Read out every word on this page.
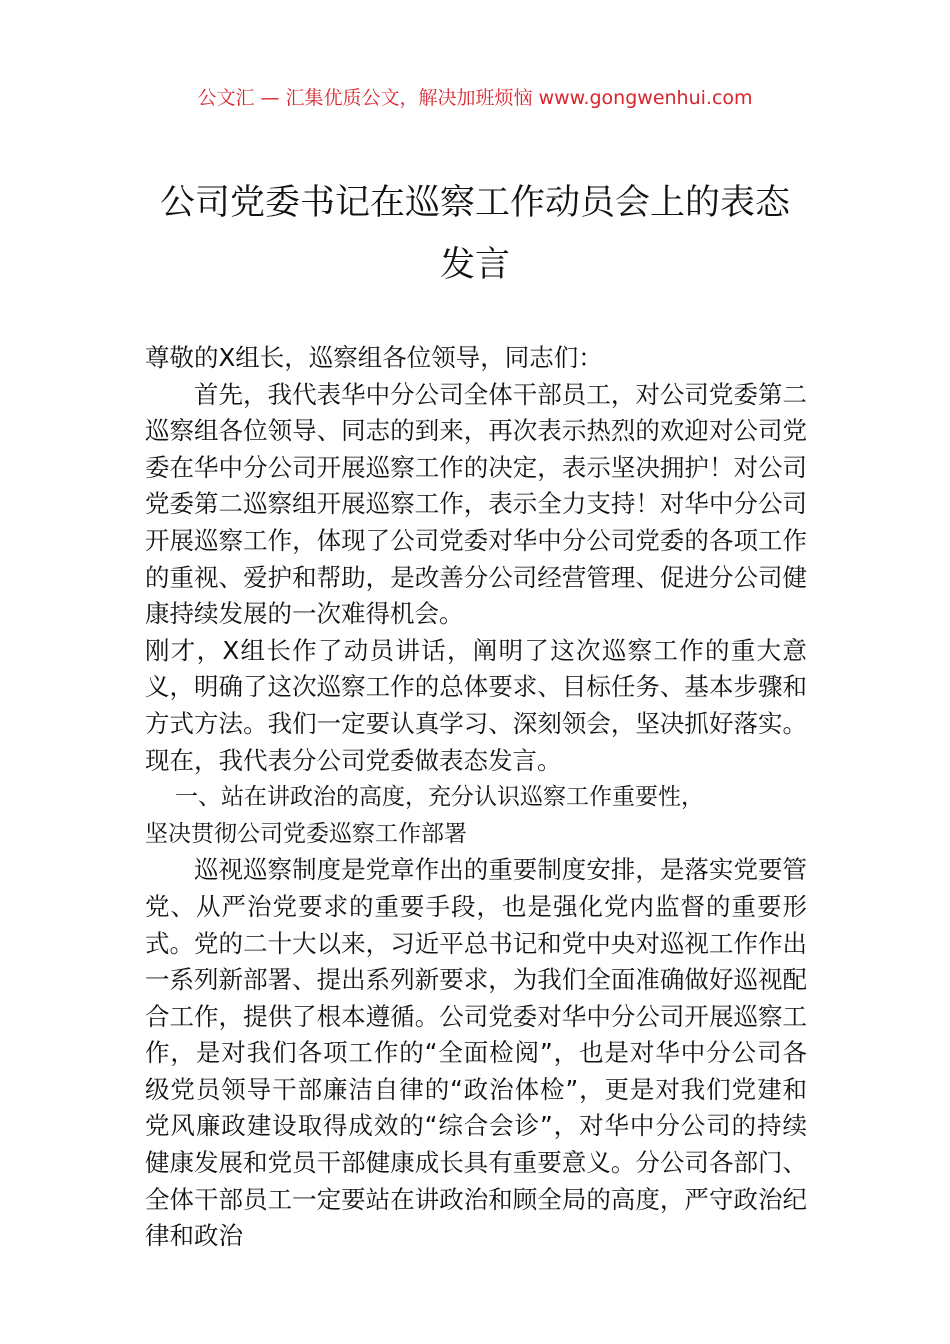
公文汇 — 汇集优质公文，解决加班烦恼 www.gongwenhui.com
公司党委书记在巡察工作动员会上的表态
发言

尊敬的X组长，巡察组各位领导，同志们：

首先，我代表华中分公司全体干部员工，对公司党委第二巡察组各位领导、同志的到来，再次表示热烈的欢迎对公司党委在华中分公司开展巡察工作的决定，表示坚决拥护！对公司党委第二巡察组开展巡察工作，表示全力支持！对华中分公司开展巡察工作，体现了公司党委对华中分公司党委的各项工作的重视、爱护和帮助，是改善分公司经营管理、促进分公司健康持续发展的一次难得机会。

刚才，X组长作了动员讲话，阐明了这次巡察工作的重大意义，明确了这次巡察工作的总体要求、目标任务、基本步骤和方式方法。我们一定要认真学习、深刻领会，坚决抓好落实。现在，我代表分公司党委做表态发言。

一、站在讲政治的高度，充分认识巡察工作重要性，
坚决贯彻公司党委巡察工作部署

巡视巡察制度是党章作出的重要制度安排，是落实党要管党、从严治党要求的重要手段，也是强化党内监督的重要形式。党的二十大以来，习近平总书记和党中央对巡视工作作出一系列新部署、提出系列新要求，为我们全面准确做好巡视配合工作，提供了根本遵循。公司党委对华中分公司开展巡察工作，是对我们各项工作的“全面检阅”，也是对华中分公司各级党员领导干部廉洁自律的“政治体检”，更是对我们党建和党风廉政建设取得成效的“综合会诊”，对华中分公司的持续健康发展和党员干部健康成长具有重要意义。分公司各部门、全体干部员工一定要站在讲政治和顾全局的高度，严守政治纪律和政治
